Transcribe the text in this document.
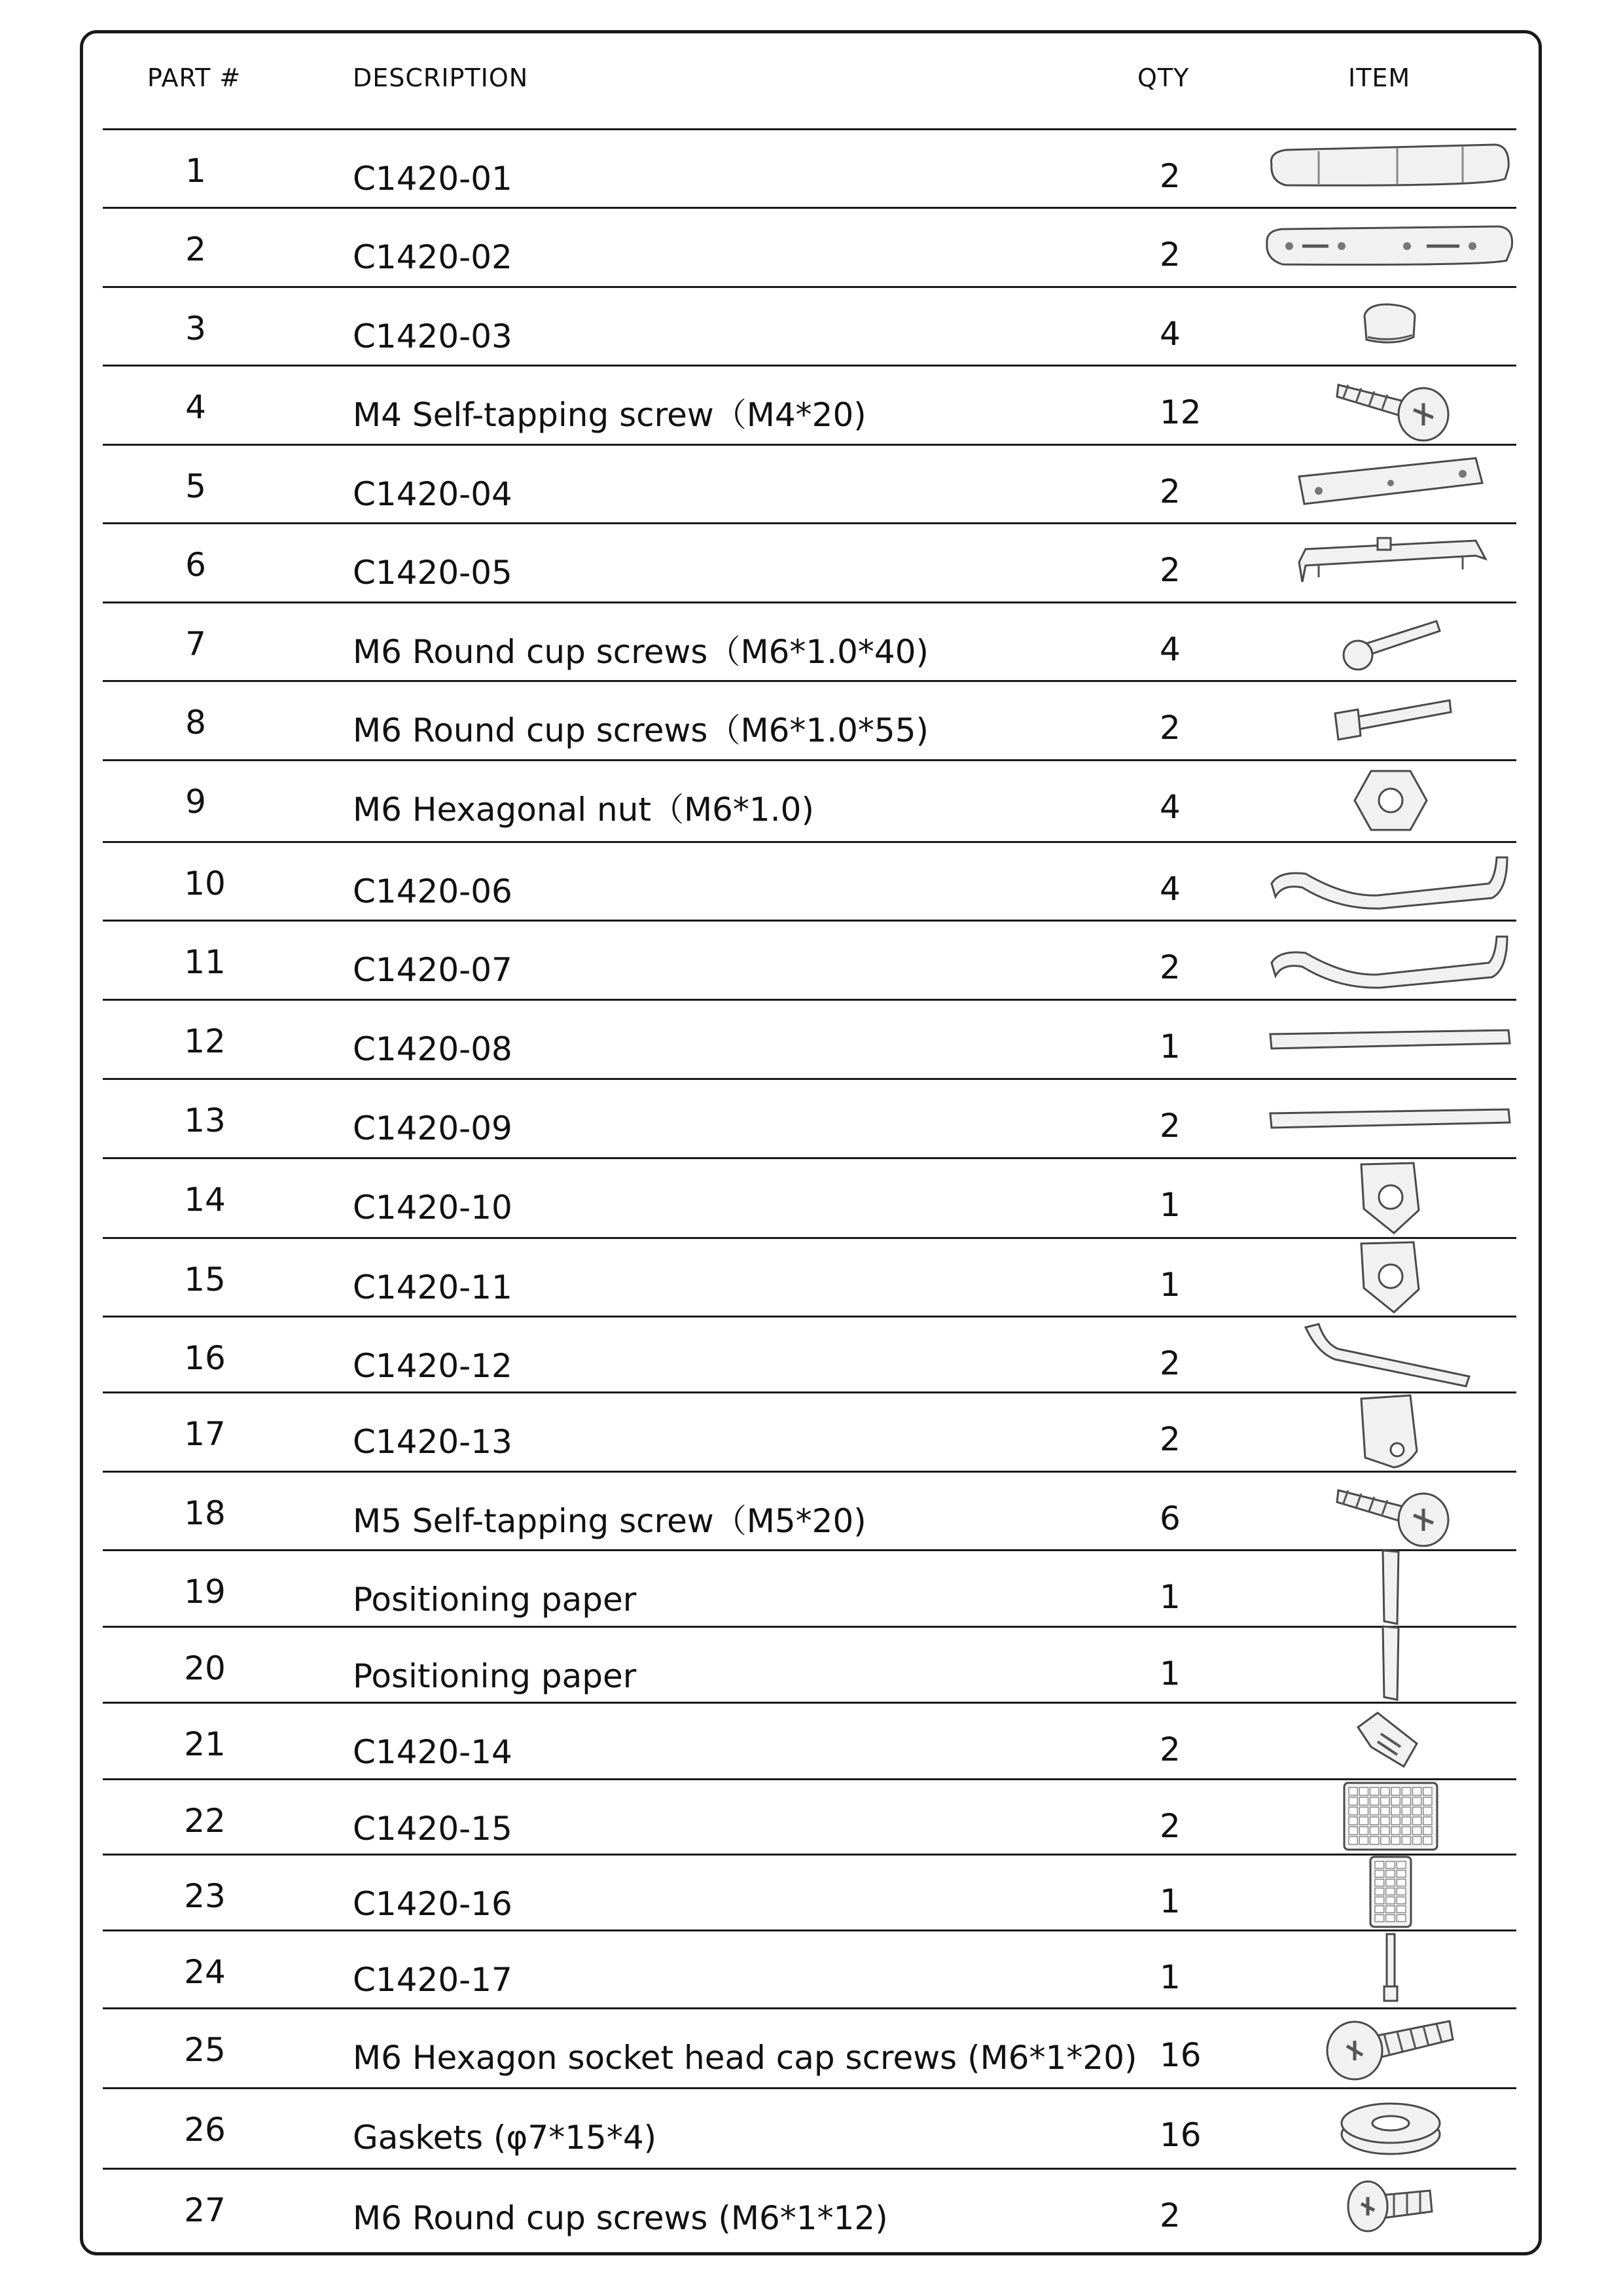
PART #	DESCRIPTION	QTY	ITEM
1	C1420-01	2
2	C1420-02	2
3	C1420-03	4
4	M4 Self-tapping screw（M4*20)	12
5	C1420-04	2
6	C1420-05	2
7	M6 Round cup screws（M6*1.0*40)	4
8	M6 Round cup screws（M6*1.0*55)	2
9	M6 Hexagonal nut（M6*1.0)	4
10	C1420-06	4
11	C1420-07	2
12	C1420-08	1
13	C1420-09	2
14	C1420-10	1
15	C1420-11	1
16	C1420-12	2
17	C1420-13	2
18	M5 Self-tapping screw（M5*20)	6
19	Positioning paper	1
20	Positioning paper	1
21	C1420-14	2
22	C1420-15	2
23	C1420-16	1
24	C1420-17	1
25	M6 Hexagon socket head cap screws (M6*1*20) 16
26	Gaskets (φ7*15*4)	16
27	M6 Round cup screws (M6*1*12)	2
